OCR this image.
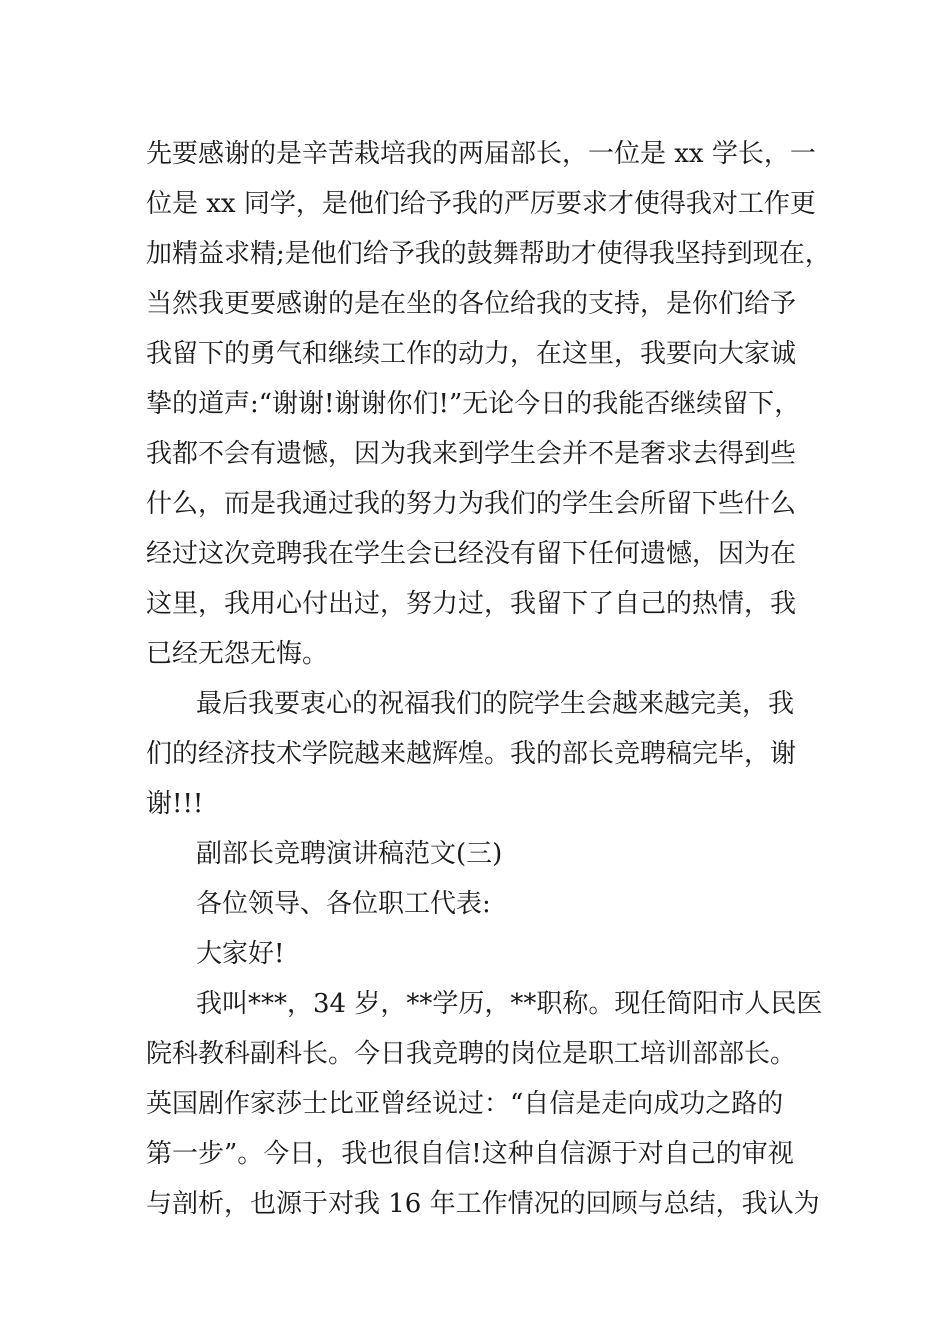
先要感谢的是辛苦栽培我的两届部长，一位是 xx 学长，一
位是 xx 同学，是他们给予我的严厉要求才使得我对工作更
加精益求精;是他们给予我的鼓舞帮助才使得我坚持到现在，
当然我更要感谢的是在坐的各位给我的支持，是你们给予
我留下的勇气和继续工作的动力，在这里，我要向大家诚
挚的道声:“谢谢!谢谢你们!”无论今日的我能否继续留下，
我都不会有遗憾，因为我来到学生会并不是奢求去得到些
什么，而是我通过我的努力为我们的学生会所留下些什么
经过这次竞聘我在学生会已经没有留下任何遗憾，因为在
这里，我用心付出过，努力过，我留下了自己的热情，我
已经无怨无悔。
最后我要衷心的祝福我们的院学生会越来越完美，我
们的经济技术学院越来越辉煌。我的部长竞聘稿完毕，谢
谢!!!
副部长竞聘演讲稿范文(三)
各位领导、各位职工代表:
大家好!
我叫***，34 岁，**学历，**职称。现任简阳市人民医
院科教科副科长。今日我竞聘的岗位是职工培训部部长。
英国剧作家莎士比亚曾经说过：“自信是走向成功之路的
第一步”。今日，我也很自信!这种自信源于对自己的审视
与剖析，也源于对我 16 年工作情况的回顾与总结，我认为
